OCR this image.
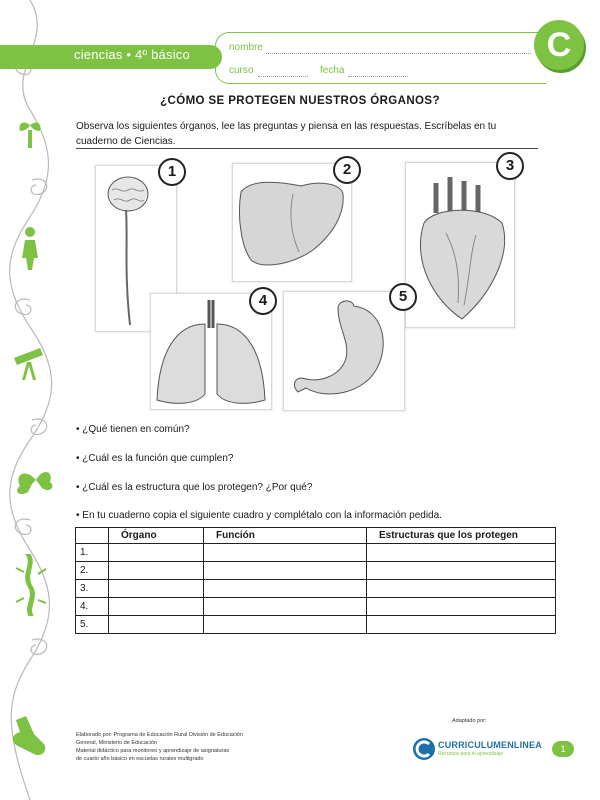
ciencias • 4º básico	nombre
curso	fecha
C
¿CÓMO SE PROTEGEN NUESTROS ÓRGANOS?
Observa los siguientes órganos, lee las preguntas y piensa en las respuestas. Escríbelas en tu cuaderno de Ciencias.
1	2	3
4	5
• ¿Qué tienen en común?
• ¿Cuál es la función que cumplen?
• ¿Cuál es la estructura que los protegen? ¿Por qué?
• En tu cuaderno copia el siguiente cuadro y complétalo con la información pedida.
	Órgano	Función	Estructuras que los protegen
1.			
2.			
3.			
4.			
5.			
Elaborado por: Programa de Educación Rural División de Educación
General, Ministerio de Educación
Material didáctico para monitoreo y aprendizaje de asignaturas
de cuarto año básico en escuelas rurales multigrado
Adaptado por:
CURRICULUMENLINEA
Recursos para el aprendizaje	1
